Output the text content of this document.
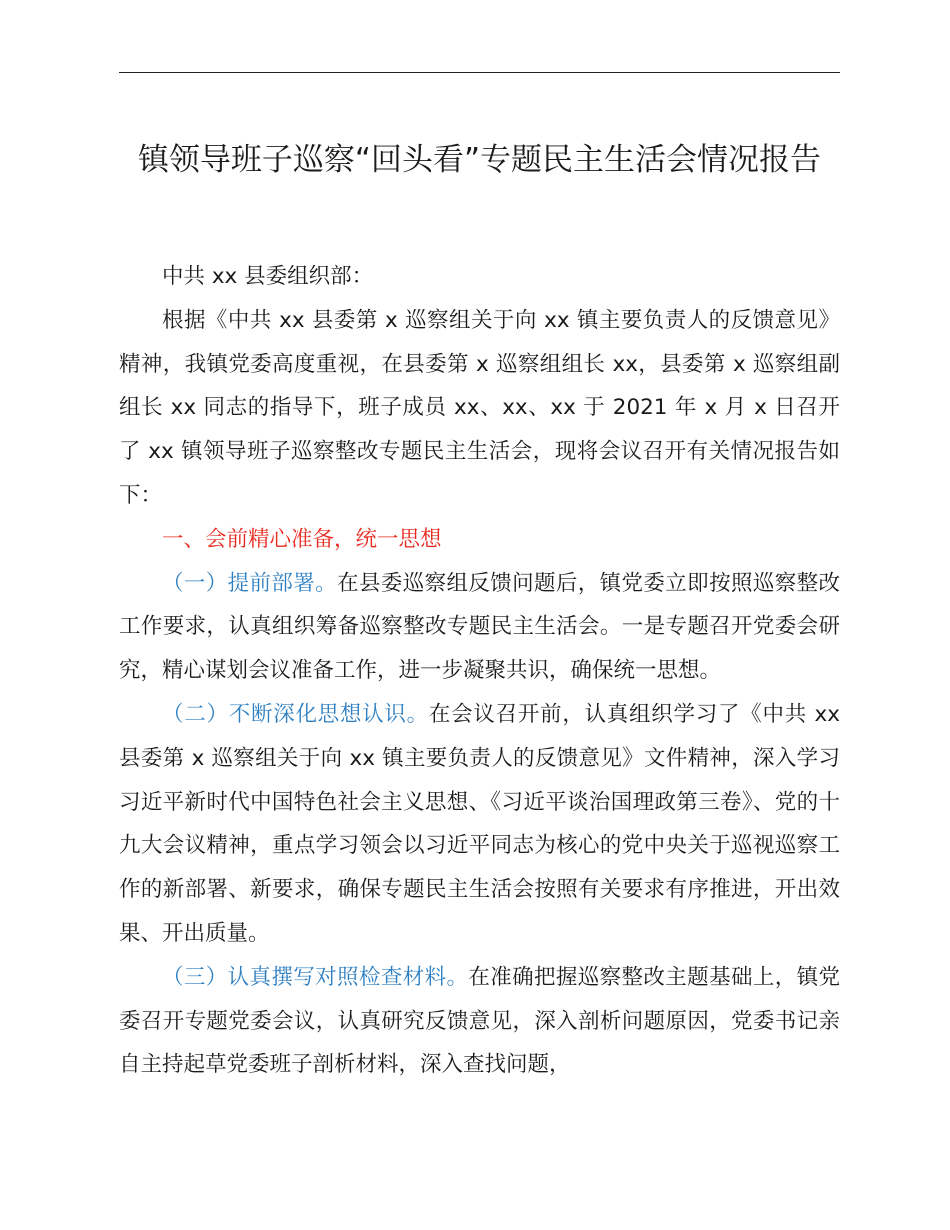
镇领导班子巡察“回头看”专题民主生活会情况报告

中共 xx 县委组织部：

根据《中共 xx 县委第 x 巡察组关于向 xx 镇主要负责人的反馈意见》精神，我镇党委高度重视，在县委第 x 巡察组组长 xx，县委第 x 巡察组副组长 xx 同志的指导下，班子成员 xx、xx、xx 于 2021 年 x 月 x 日召开了 xx 镇领导班子巡察整改专题民主生活会，现将会议召开有关情况报告如下：

一、会前精心准备，统一思想

（一）提前部署。在县委巡察组反馈问题后，镇党委立即按照巡察整改工作要求，认真组织筹备巡察整改专题民主生活会。一是专题召开党委会研究，精心谋划会议准备工作，进一步凝聚共识，确保统一思想。

（二）不断深化思想认识。在会议召开前，认真组织学习了《中共 xx 县委第 x 巡察组关于向 xx 镇主要负责人的反馈意见》文件精神，深入学习习近平新时代中国特色社会主义思想、《习近平谈治国理政第三卷》、党的十九大会议精神，重点学习领会以习近平同志为核心的党中央关于巡视巡察工作的新部署、新要求，确保专题民主生活会按照有关要求有序推进，开出效果、开出质量。

（三）认真撰写对照检查材料。在准确把握巡察整改主题基础上，镇党委召开专题党委会议，认真研究反馈意见，深入剖析问题原因，党委书记亲自主持起草党委班子剖析材料，深入查找问题，
